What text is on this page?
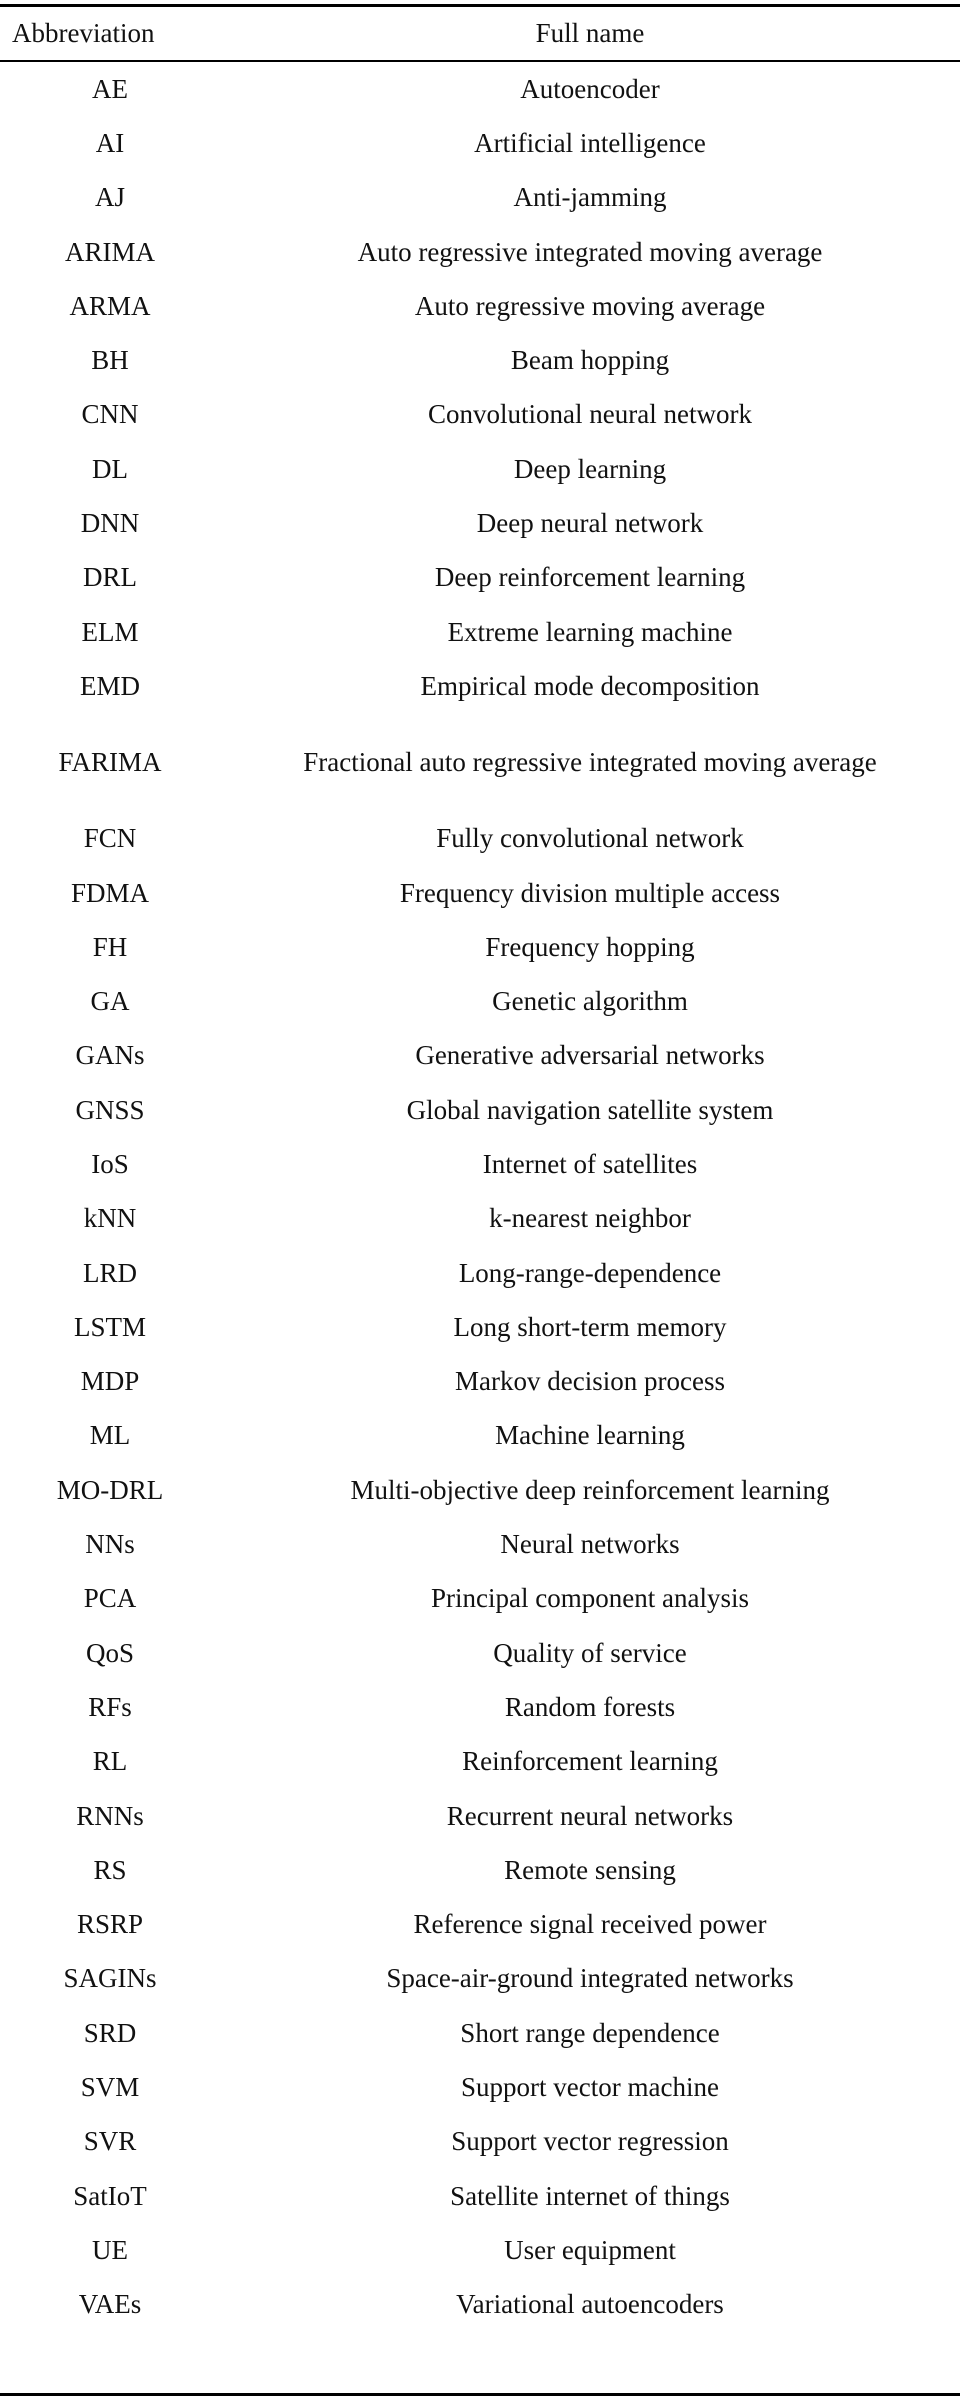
Abbreviation	Full name
AE	Autoencoder
AI	Artificial intelligence
AJ	Anti-jamming
ARIMA	Auto regressive integrated moving average
ARMA	Auto regressive moving average
BH	Beam hopping
CNN	Convolutional neural network
DL	Deep learning
DNN	Deep neural network
DRL	Deep reinforcement learning
ELM	Extreme learning machine
EMD	Empirical mode decomposition
FARIMA	Fractional auto regressive integrated moving average
FCN	Fully convolutional network
FDMA	Frequency division multiple access
FH	Frequency hopping
GA	Genetic algorithm
GANs	Generative adversarial networks
GNSS	Global navigation satellite system
IoS	Internet of satellites
kNN	k-nearest neighbor
LRD	Long-range-dependence
LSTM	Long short-term memory
MDP	Markov decision process
ML	Machine learning
MO-DRL	Multi-objective deep reinforcement learning
NNs	Neural networks
PCA	Principal component analysis
QoS	Quality of service
RFs	Random forests
RL	Reinforcement learning
RNNs	Recurrent neural networks
RS	Remote sensing
RSRP	Reference signal received power
SAGINs	Space-air-ground integrated networks
SRD	Short range dependence
SVM	Support vector machine
SVR	Support vector regression
SatIoT	Satellite internet of things
UE	User equipment
VAEs	Variational autoencoders
